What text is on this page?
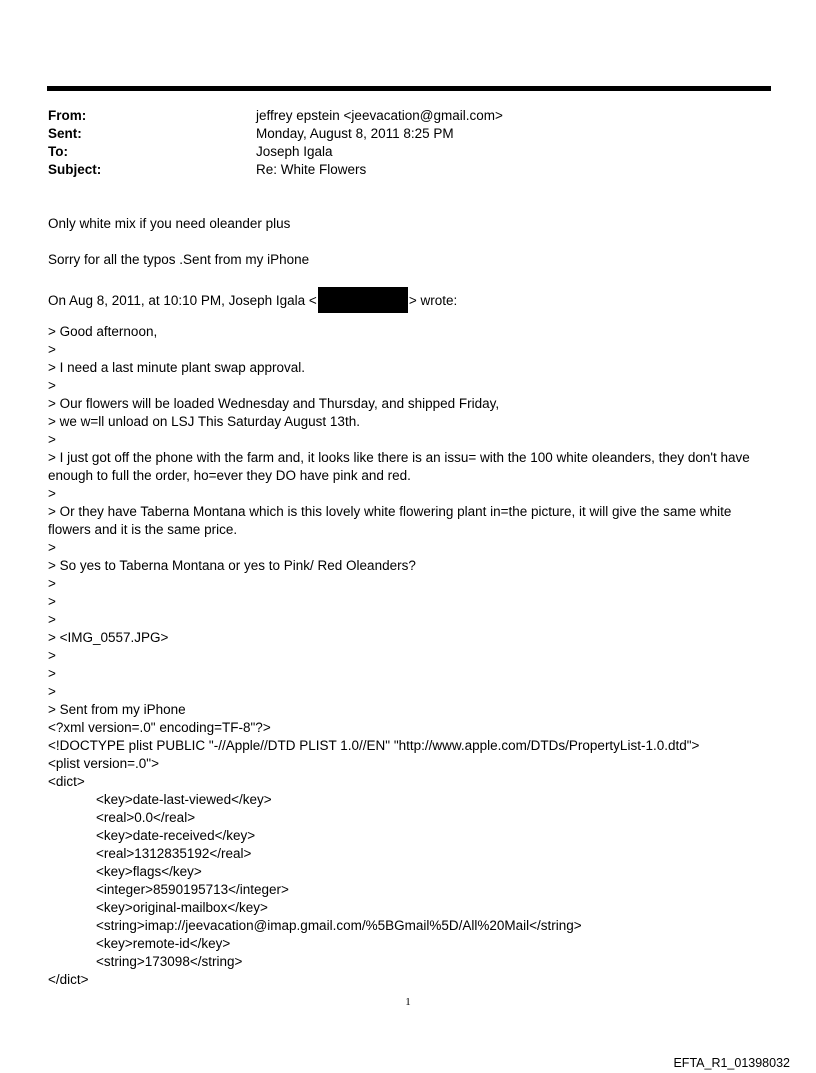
From:	jeffrey epstein <jeevacation@gmail.com>
Sent:	Monday, August 8, 2011 8:25 PM
To:	Joseph Igala
Subject:	Re: White Flowers
Only white mix if you need oleander plus
Sorry for all the typos .Sent from my iPhone
On Aug 8, 2011, at 10:10 PM, Joseph Igala <	> wrote:
> Good afternoon,
>
> I need a last minute plant swap approval.
>
> Our flowers will be loaded Wednesday and Thursday, and shipped Friday,
> we w=ll unload on LSJ This Saturday August 13th.
>
> I just got off the phone with the farm and, it looks like there is an issu= with the 100 white oleanders, they don't have enough to full the order, ho=ever they DO have pink and red.
>
> Or they have Taberna Montana which is this lovely white flowering plant in=the picture, it will give the same white flowers and it is the same price.
>
> So yes to Taberna Montana or yes to Pink/ Red Oleanders?
>
>
>
> <IMG_0557.JPG>
>
>
>
> Sent from my iPhone
<?xml version=.0" encoding=TF-8"?>
<!DOCTYPE plist PUBLIC "-//Apple//DTD PLIST 1.0//EN" "http://www.apple.com/DTDs/PropertyList-1.0.dtd">
<plist version=.0">
<dict>
<key>date-last-viewed</key>
<real>0.0</real>
<key>date-received</key>
<real>1312835192</real>
<key>flags</key>
<integer>8590195713</integer>
<key>original-mailbox</key>
<string>imap://jeevacation@imap.gmail.com/%5BGmail%5D/All%20Mail</string>
<key>remote-id</key>
<string>173098</string>
</dict>
1
EFTA_R1_01398032
